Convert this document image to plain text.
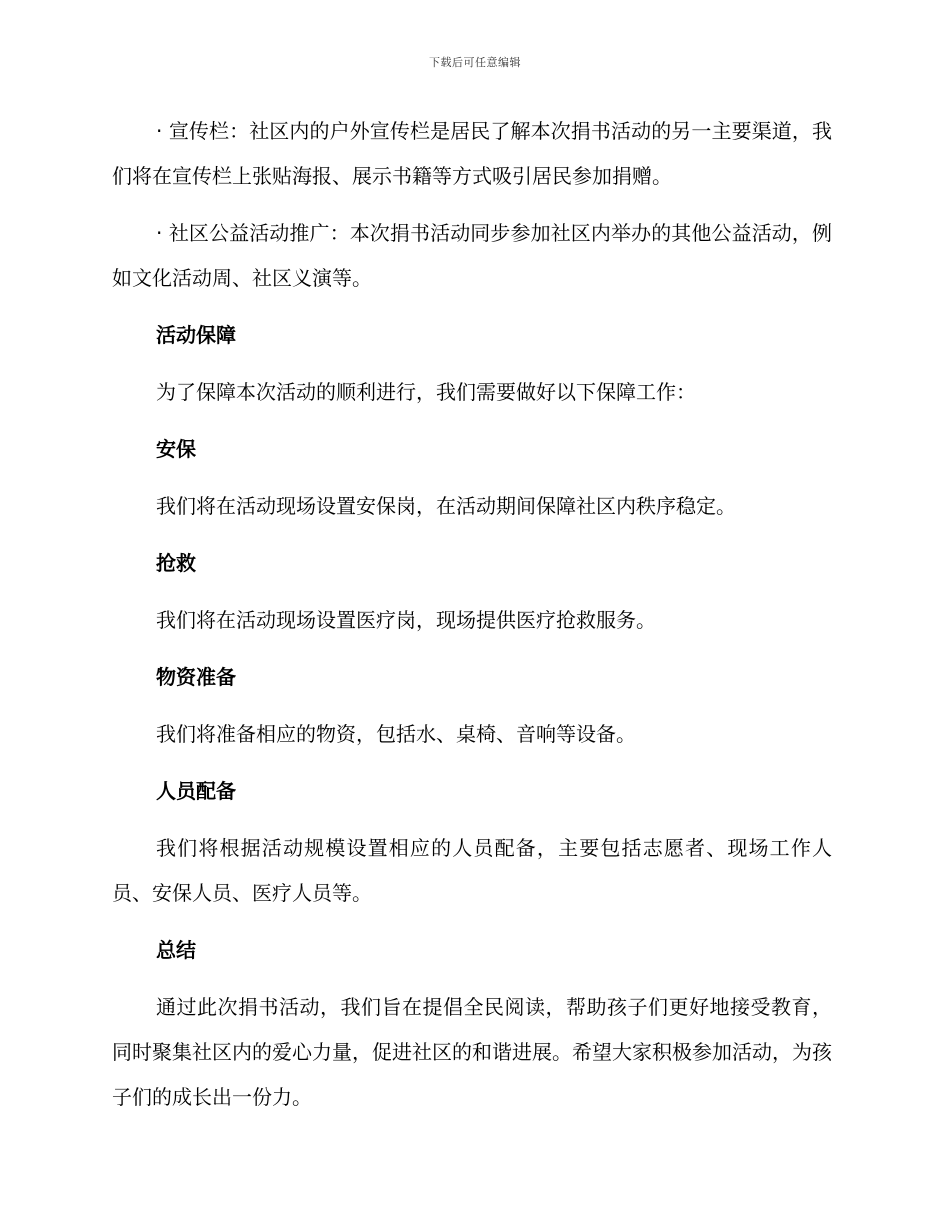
下载后可任意编辑

· 宣传栏：社区内的户外宣传栏是居民了解本次捐书活动的另一主要渠道，我们将在宣传栏上张贴海报、展示书籍等方式吸引居民参加捐赠。

· 社区公益活动推广：本次捐书活动同步参加社区内举办的其他公益活动，例如文化活动周、社区义演等。

活动保障

为了保障本次活动的顺利进行，我们需要做好以下保障工作：

安保

我们将在活动现场设置安保岗，在活动期间保障社区内秩序稳定。

抢救

我们将在活动现场设置医疗岗，现场提供医疗抢救服务。

物资准备

我们将准备相应的物资，包括水、桌椅、音响等设备。

人员配备

我们将根据活动规模设置相应的人员配备，主要包括志愿者、现场工作人员、安保人员、医疗人员等。

总结

通过此次捐书活动，我们旨在提倡全民阅读，帮助孩子们更好地接受教育，同时聚集社区内的爱心力量，促进社区的和谐进展。希望大家积极参加活动，为孩子们的成长出一份力。
